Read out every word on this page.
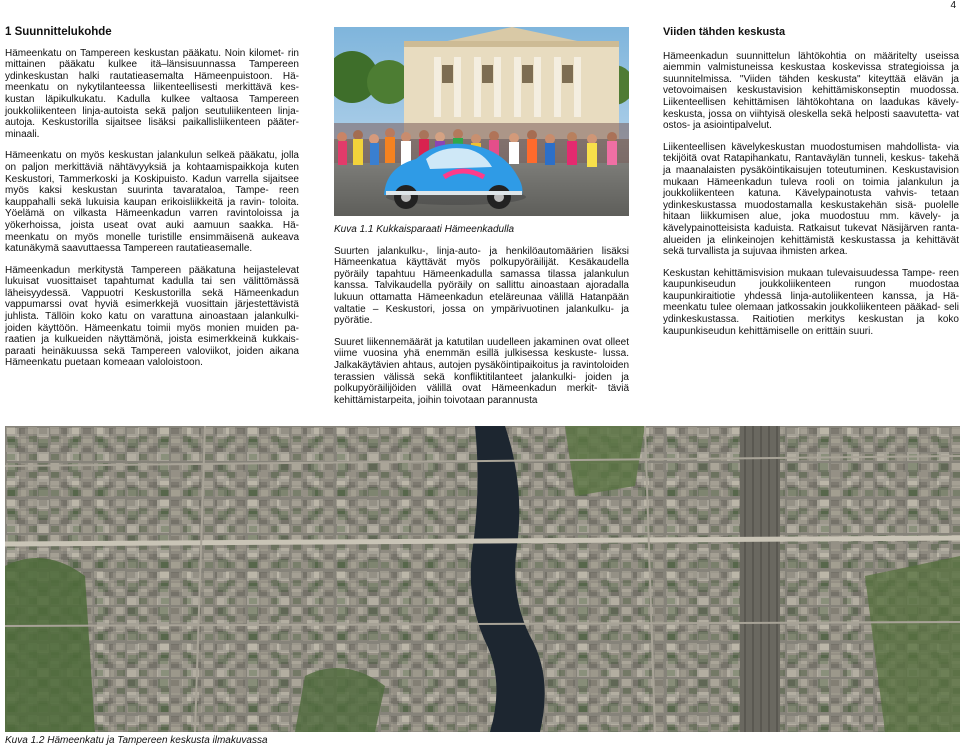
4
1 Suunnittelukohde

Hämeenkatu on Tampereen keskustan pääkatu. Noin kilomet- rin mittainen pääkatu kulkee itä–länsisuunnassa Tampereen ydinkeskustan halki rautatieasemalta Hämeenpuistoon. Hä- meenkatu on nykytilanteessa liikenteellisesti merkittävä kes- kustan läpikulkukatu. Kadulla kulkee valtaosa Tampereen joukkoliikenteen linja-autoista sekä paljon seutuliikenteen linja- autoja. Keskustorilla sijaitsee lisäksi paikallisliikenteen pääter- minaali.

Hämeenkatu on myös keskustan jalankulun selkeä pääkatu, jolla on paljon merkittäviä nähtävyyksiä ja kohtaamispaikkoja kuten Keskustori, Tammerkoski ja Koskipuisto. Kadun varrella sijaitsee myös kaksi keskustan suurinta tavarataloa, Tampe- reen kauppahalli sekä lukuisia kaupan erikoisliikkeitä ja ravin- toloita. Yöelämä on vilkasta Hämeenkadun varren ravintoloissa ja yökerhoissa, joista useat ovat auki aamuun saakka. Hä- meenkatu on myös monelle turistille ensimmäisenä aukeava katunäkymä saavuttaessa Tampereen rautatieasemalle.

Hämeenkadun merkitystä Tampereen pääkatuna heijastelevat lukuisat vuosittaiset tapahtumat kadulla tai sen välittömässä läheisyydessä. Vappuotri Keskustorilla sekä Hämeenkadun vappumarssi ovat hyviä esimerkkejä vuosittain järjestettävistä juhlista. Tällöin koko katu on varattuna ainoastaan jalankulki- joiden käyttöön. Hämeenkatu toimii myös monien muiden pa- raatien ja kulkueiden näyttämönä, joista esimerkkeinä kukkais- paraati heinäkuussa sekä Tampereen valoviikot, joiden aikana Hämeenkatu puetaan komeaan valoloistoon.

Kuva 1.1 Kukkaisparaati Hämeenkadulla

Suurten jalankulku-, linja-auto- ja henkilöautomäärien lisäksi Hämeenkatua käyttävät myös polkupyöräilijät. Kesäkaudella pyöräily tapahtuu Hämeenkadulla samassa tilassa jalankulun kanssa. Talvikaudella pyöräily on sallittu ainoastaan ajoradalla lukuun ottamatta Hämeenkadun eteläreunaa välillä Hatanpään valtatie – Keskustori, jossa on ympärivuotinen jalankulku- ja pyörätie.

Suuret liikennemäärät ja katutilan uudelleen jakaminen ovat olleet viime vuosina yhä enemmän esillä julkisessa keskuste- lussa. Jalkakäytävien ahtaus, autojen pysäköintipaikoitus ja ravintoloiden terassien välissä sekä konfliktitilanteet jalankulki- joiden ja polkupyöräilijöiden välillä ovat Hämeenkadun merkit- täviä kehittämistarpeita, joihin toivotaan parannusta

Viiden tähden keskusta

Hämeenkadun suunnittelun lähtökohtia on määritelty useissa aiemmin valmistuneissa keskustaa koskevissa strategioissa ja suunnitelmissa. "Viiden tähden keskusta" kiteyttää elävän ja vetovoimaisen keskustavision kehittämiskonseptin muodossa. Liikenteellisen kehittämisen lähtökohtana on laadukas kävely- keskusta, jossa on viihtyisä oleskella sekä helposti saavutetta- vat ostos- ja asiointipalvelut.

Liikenteellisen kävelykeskustan muodostumisen mahdollista- via tekijöitä ovat Ratapihankatu, Rantaväylän tunneli, keskus- takehä ja maanalaisten pysäköintikaisujen toteutuminen. Keskustavision mukaan Hämeenkadun tuleva rooli on toimia jalankulun ja joukkoliikenteen katuna. Kävelypainotusta vahvis- tetaan ydinkeskustassa muodostamalla keskustakehän sisä- puolelle hitaan liikkumisen alue, joka muodostuu mm. kävely- ja kävelypainotteisista kaduista. Ratkaisut tukevat Näsijärven ranta-alueiden ja elinkeinojen kehittämistä keskustassa ja kehittävät sekä turvallista ja sujuvaa ihmisten arkea.

Keskustan kehittämisvision mukaan tulevaisuudessa Tampe- reen kaupunkiseudun joukkoliikenteen rungon muodostaa kaupunkiraitiotie yhdessä linja-autoliikenteen kanssa, ja Hä- meenkatu tulee olemaan jatkossakin joukkoliikenteen pääkad- seli ydinkeskustassa. Raitiotien merkitys keskustan ja koko kaupunkiseudun kehittämiselle on erittäin suuri.

Kuva 1.2 Hämeenkatu ja Tampereen keskusta ilmakuvassa
